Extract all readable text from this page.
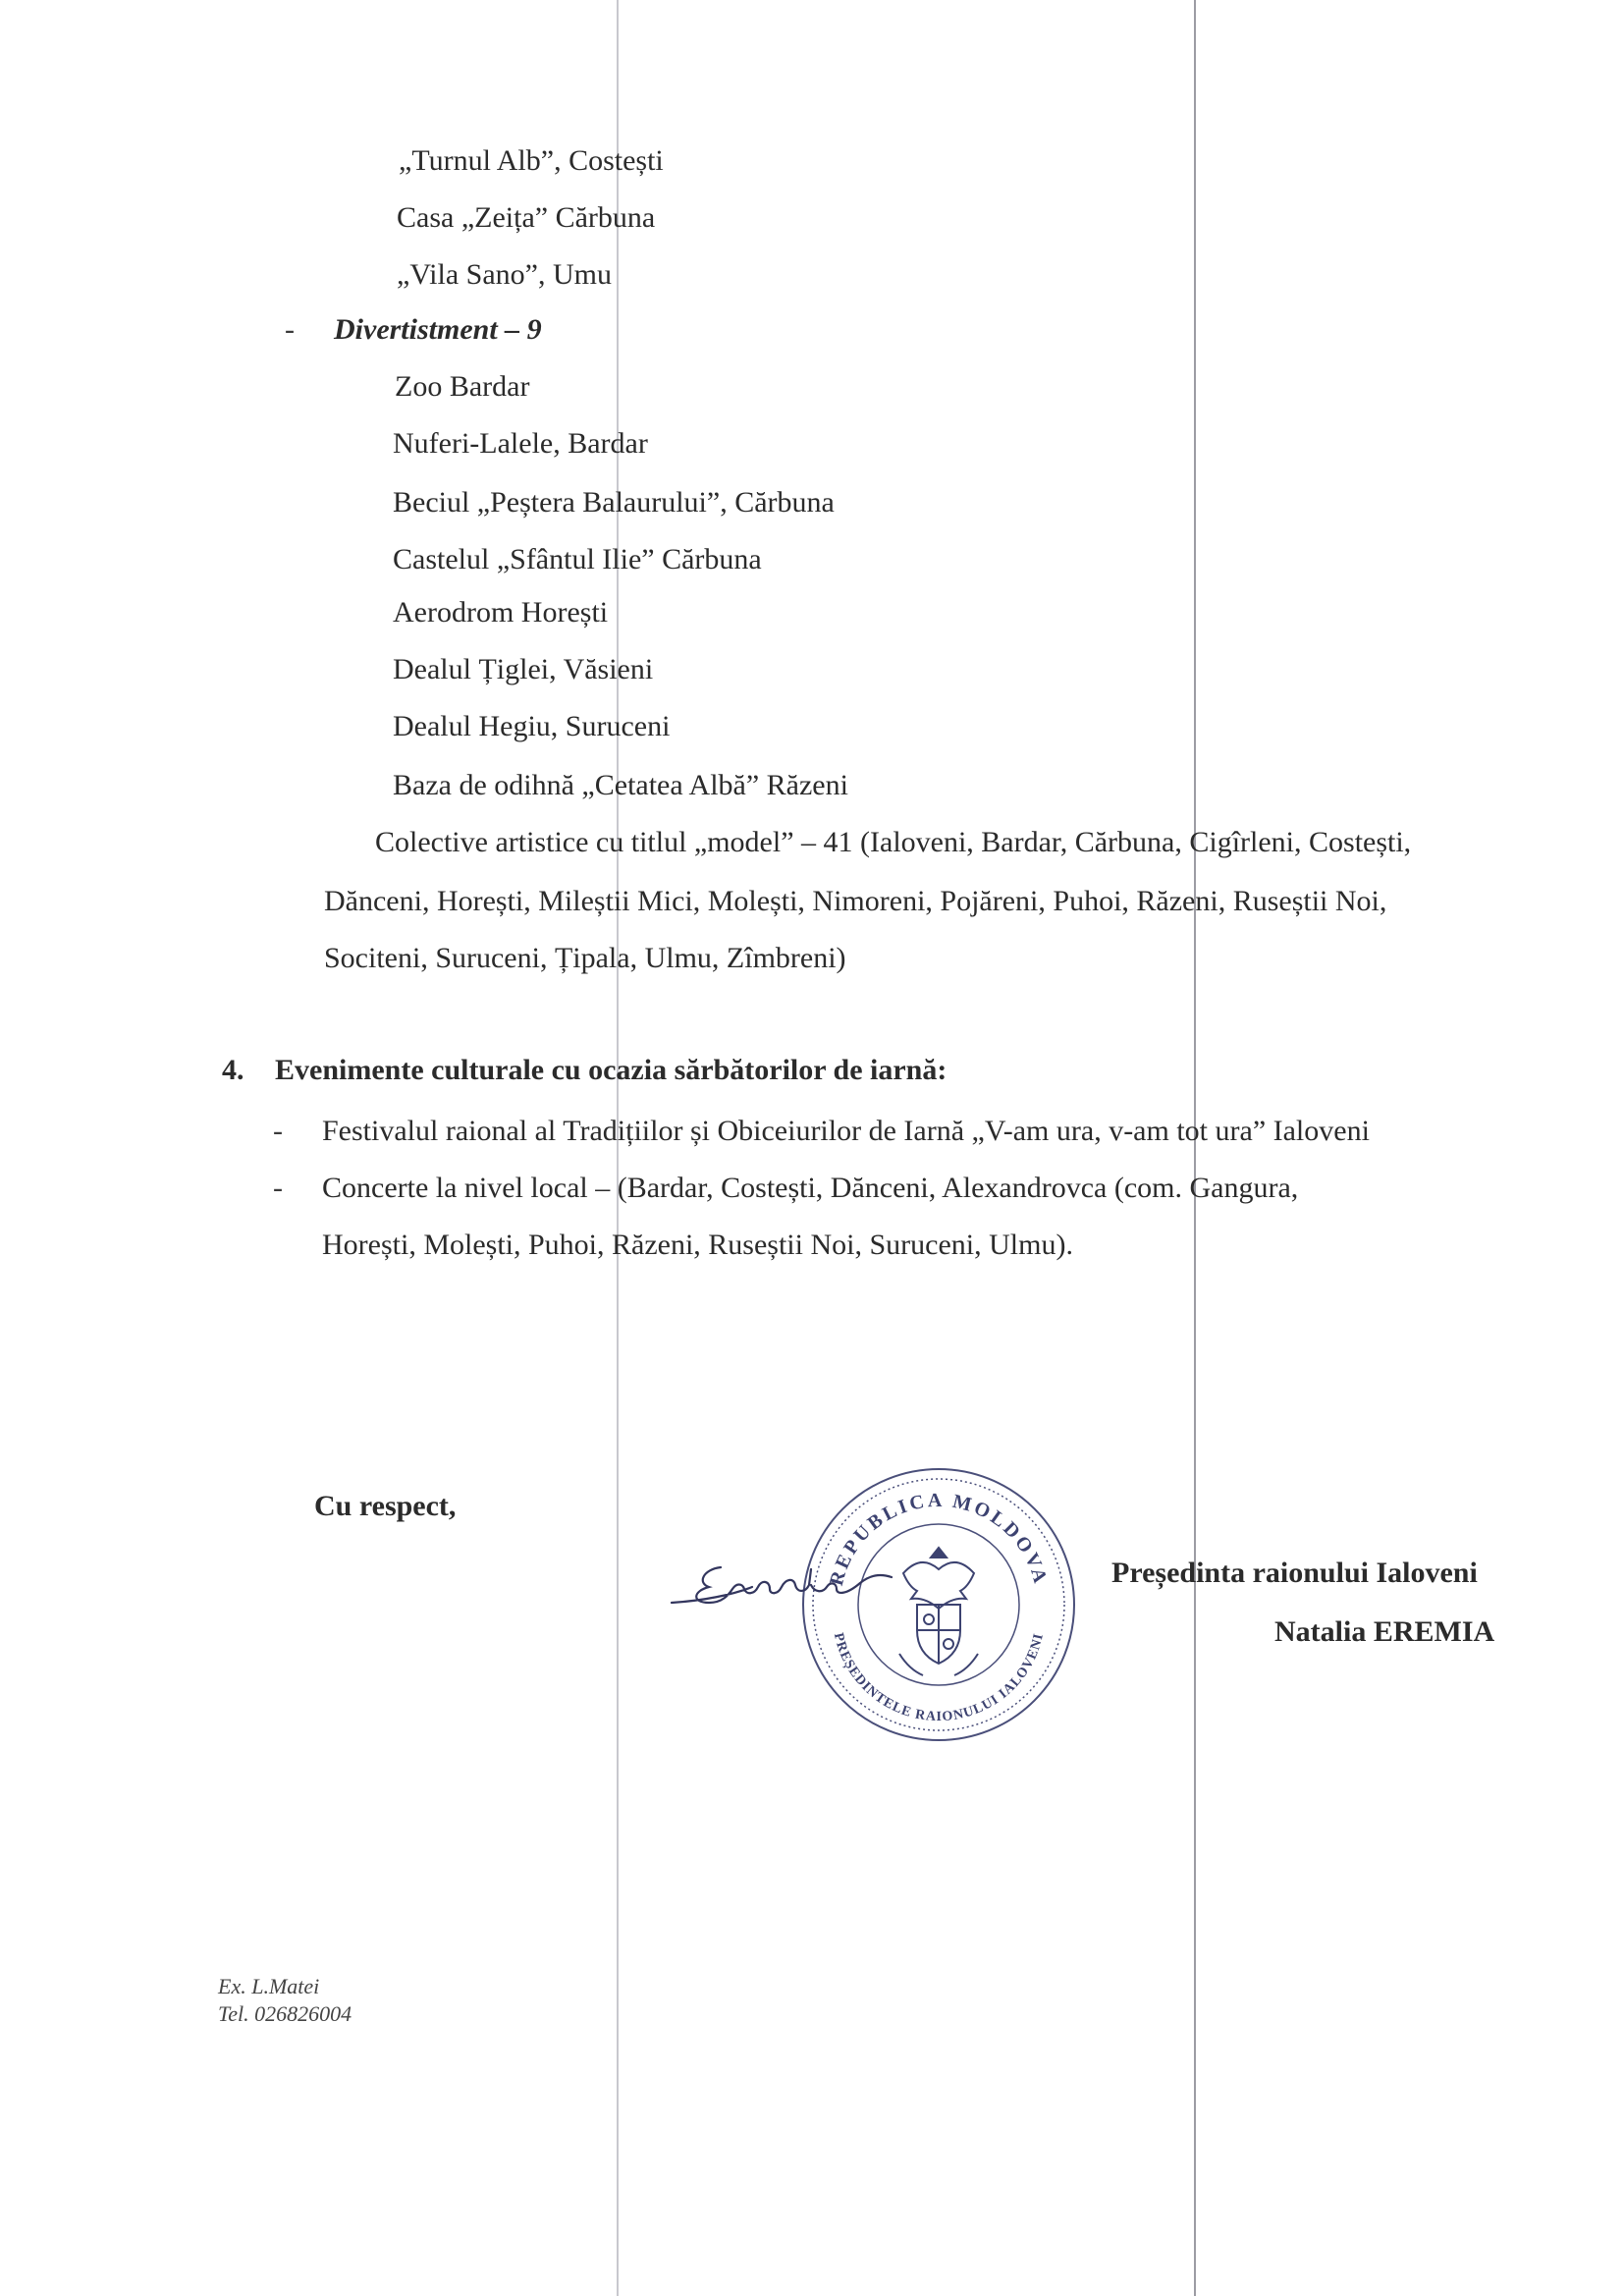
„Turnul Alb”, Costești
Casa „Zeița” Cărbuna
„Vila Sano”, Umu
- Divertistment – 9
Zoo Bardar
Nuferi-Lalele, Bardar
Beciul „Peștera Balaurului”, Cărbuna
Castelul „Sfântul Ilie” Cărbuna
Aerodrom Horești
Dealul Țiglei, Văsieni
Dealul Hegiu, Suruceni
Baza de odihnă „Cetatea Albă” Răzeni
Colective artistice cu titlul „model” – 41 (Ialoveni, Bardar, Cărbuna, Cigîrleni, Costești,
Dănceni, Horești, Mileștii Mici, Molești, Nimoreni, Pojăreni, Puhoi, Răzeni, Ruseștii Noi,
Sociteni, Suruceni, Țipala, Ulmu, Zîmbreni)
4. Evenimente culturale cu ocazia sărbătorilor de iarnă:
- Festivalul raional al Tradițiilor și Obiceiurilor de Iarnă „V-am ura, v-am tot ura” Ialoveni
- Concerte la nivel local – (Bardar, Costești, Dănceni, Alexandrovca (com. Gangura,
Horești, Molești, Puhoi, Răzeni, Ruseștii Noi, Suruceni, Ulmu).
Cu respect,
Președinta raionului Ialoveni
Natalia EREMIA
REPUBLICA MOLDOVA
PREȘEDINTELE RAIONULUI IALOVENI
Ex. L.Matei
Tel. 026826004
